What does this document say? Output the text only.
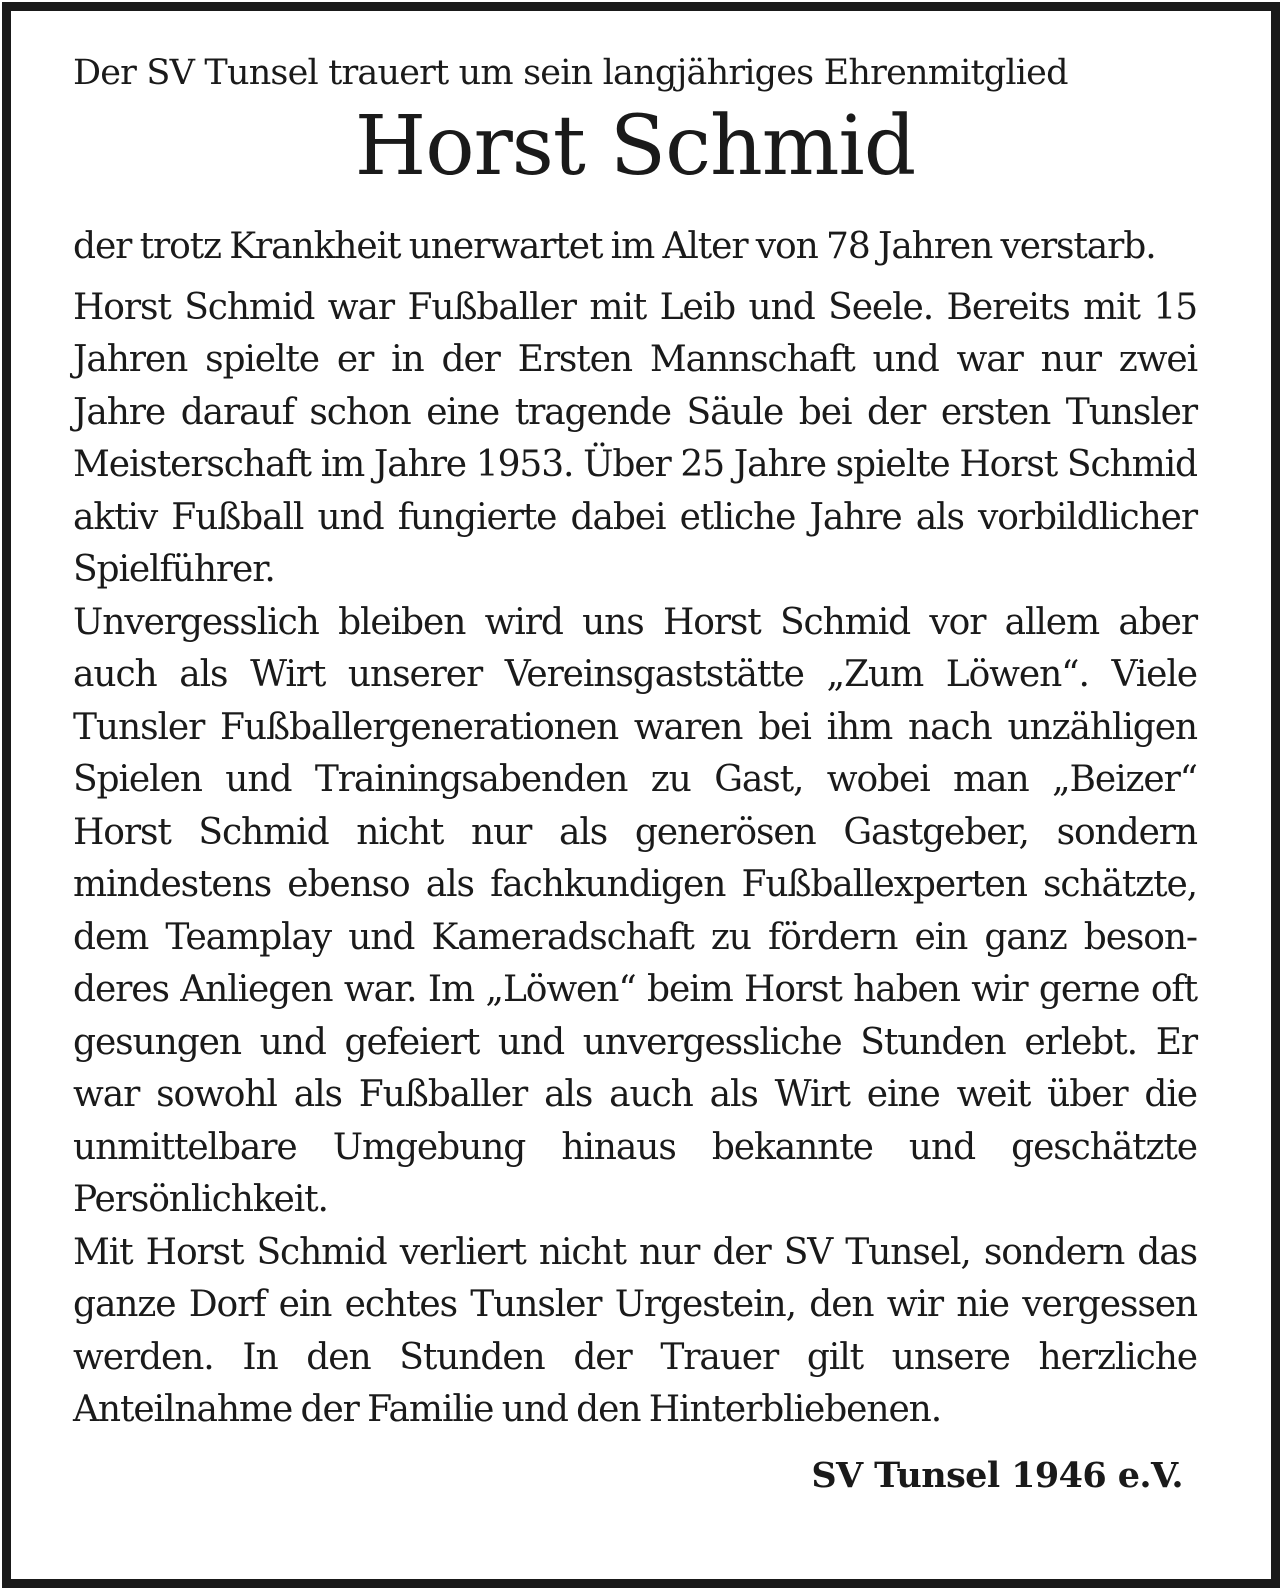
Der SV Tunsel trauert um sein langjähriges Ehrenmitglied

Horst Schmid

der trotz Krankheit unerwartet im Alter von 78 Jahren verstarb.

Horst Schmid war Fußballer mit Leib und Seele. Bereits mit 15 Jahren spielte er in der Ersten Mannschaft und war nur zwei Jahre darauf schon eine tragende Säule bei der ersten Tunsler Meisterschaft im Jahre 1953. Über 25 Jahre spielte Horst Schmid aktiv Fußball und fungierte dabei etliche Jahre als vorbildlicher Spielführer.

Unvergesslich bleiben wird uns Horst Schmid vor allem aber auch als Wirt unserer Vereinsgaststätte „Zum Löwen“. Viele Tunsler Fußballergenerationen waren bei ihm nach unzähligen Spielen und Trainingsabenden zu Gast, wobei man „Beizer“ Horst Schmid nicht nur als generösen Gastgeber, sondern mindestens ebenso als fachkundigen Fußballexperten schätzte, dem Teamplay und Kameradschaft zu fördern ein ganz beson-deres Anliegen war. Im „Löwen“ beim Horst haben wir gerne oft gesungen und gefeiert und unvergessliche Stunden erlebt. Er war sowohl als Fußballer als auch als Wirt eine weit über die unmittelbare Umgebung hinaus bekannte und geschätzte Persönlichkeit.

Mit Horst Schmid verliert nicht nur der SV Tunsel, sondern das ganze Dorf ein echtes Tunsler Urgestein, den wir nie vergessen werden. In den Stunden der Trauer gilt unsere herzliche Anteilnahme der Familie und den Hinterbliebenen.

SV Tunsel 1946 e.V.
